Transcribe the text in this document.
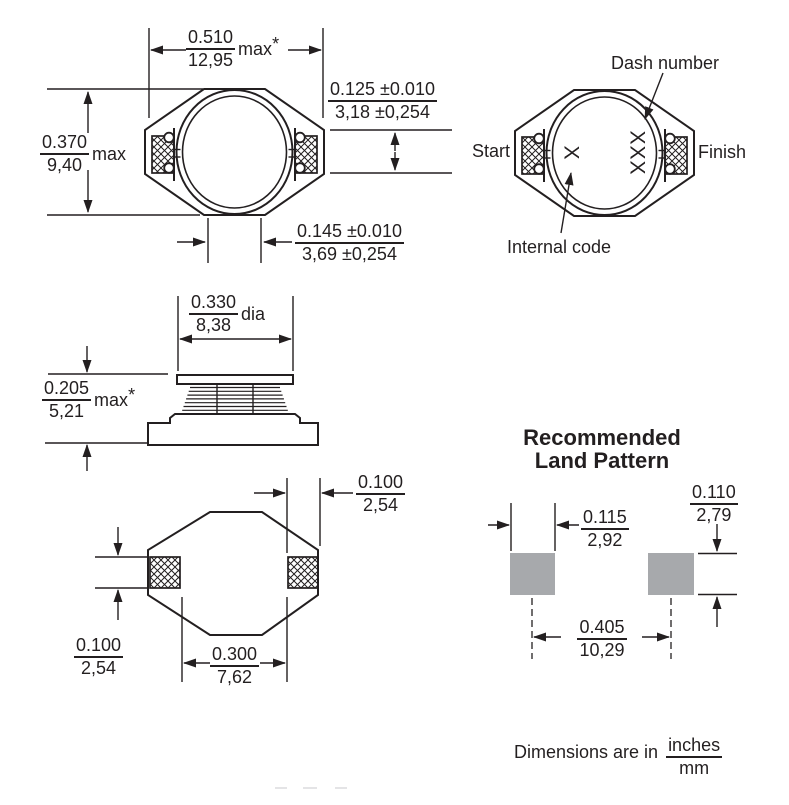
X XXX
$\frac{0.510}{12,95} \max*$
$\frac{0.370}{9,40}$ max
$\frac{0.125 \pm 0.010}{3,18 \pm 0,254}$
$\frac{0.145 \pm 0.010}{3,69 \pm 0,254}$
Start	Finish
Dash number
Internal code
$\frac{0.330}{8,38}$ dia
$\frac{0.205}{5,21} \max*$
$\frac{0.100}{2,54}$
$\frac{0.100}{2,54}$	$\frac{0.300}{7,62}$
Recommended
Land Pattern
$\frac{0.115}{2,92}$
$\frac{0.110}{2,79}$
$\frac{0.405}{10,29}$
Dimensions are in $\frac{\text{inches}}{mm}$
